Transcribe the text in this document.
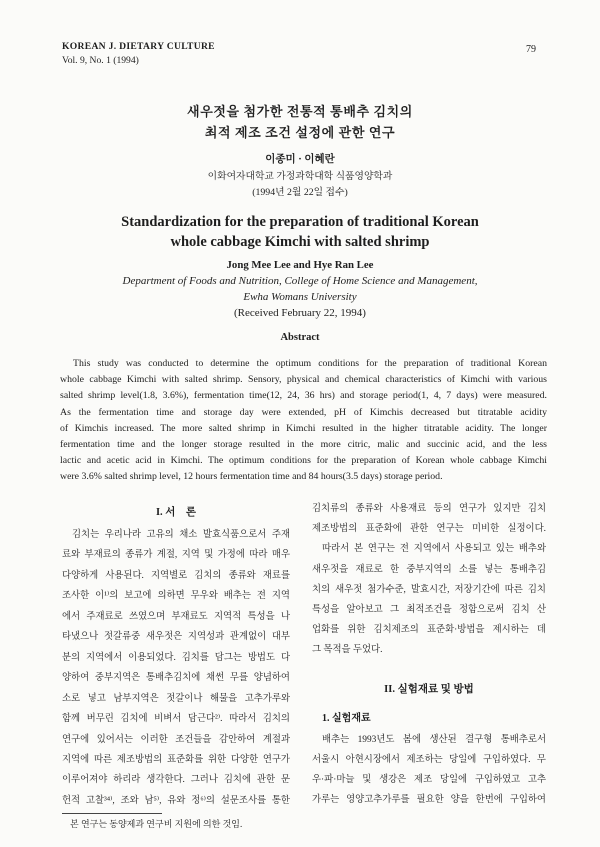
KOREAN J. DIETARY CULTURE
Vol. 9, No. 1 (1994)
79
새우젓을 첨가한 전통적 통배추 김치의
최적 제조 조건 설정에 관한 연구
이종미 · 이혜란
이화여자대학교 가정과학대학 식품영양학과
(1994년 2월 22일 접수)
Standardization for the preparation of traditional Korean
whole cabbage Kimchi with salted shrimp
Jong Mee Lee and Hye Ran Lee
Department of Foods and Nutrition, College of Home Science and Management,
Ewha Womans University
(Received February 22, 1994)
Abstract
This study was conducted to determine the optimum conditions for the preparation of traditional Korean
whole cabbage Kimchi with salted shrimp. Sensory, physical and chemical characteristics of Kimchi with various
salted shrimp level(1.8, 3.6%), fermentation time(12, 24, 36 hrs) and storage period(1, 4, 7 days) were measured.
As the fermentation time and storage day were extended, pH of Kimchis decreased but titratable acidity
of Kimchis increased. The more salted shrimp in Kimchi resulted in the higher titratable acidity. The longer
fermentation time and the longer storage resulted in the more citric, malic and succinic acid, and the less
lactic and acetic acid in Kimchi. The optimum conditions for the preparation of Korean whole cabbage Kimchi
were 3.6% salted shrimp level, 12 hours fermentation time and 84 hours(3.5 days) storage period.
I. 서    론
김치는 우리나라 고유의 채소 발효식품으로서 주재
료와 부재료의 종류가 계절, 지역 및 가정에 따라 매우
다양하게 사용된다. 지역별로 김치의 종류와 재료를
조사한 이¹⁾의 보고에 의하면 무우와 배추는 전 지역
에서 주재료로 쓰였으며 부재료도 지역적 특성을 나
타냈으나 젓갈류중 새우젓은 지역성과 관계없이 대부
분의 지역에서 이용되었다. 김치를 담그는 방법도 다
양하여 중부지역은 통배추김치에 채썬 무를 양념하여
소로 넣고 남부지역은 젓갈이나 해물을 고추가루와
함께 버무린 김치에 비벼서 담근다²⁾. 따라서 김치의
연구에 있어서는 이러한 조건들을 감안하여 계절과
지역에 따른 제조방법의 표준화를 위한 다양한 연구가
이루어져야 하리라 생각한다. 그러나 김치에 관한 문
헌적 고찰³⁴⁾, 조와 남⁵⁾, 유와 정⁶⁾의 설문조사를 통한
김치류의 종류와 사용재료 등의 연구가 있지만 김치
제조방법의 표준화에 관한 연구는 미비한 실정이다.
따라서 본 연구는 전 지역에서 사용되고 있는 배추와
새우젓을 재료로 한 중부지역의 소를 넣는 통배추김
치의 새우젓 첨가수준, 발효시간, 저장기간에 따른 김치
특성을 알아보고 그 최적조건을 정함으로써 김치 산
업화를 위한 김치제조의 표준화·방법을 제시하는 데
그 목적을 두었다.
II. 실험재료 및 방법
1. 실험재료
배추는 1993년도 봄에 생산된 결구형 통배추로서
서울시 아현시장에서 제조하는 당일에 구입하였다. 무
우·파·마늘 및 생강은 제조 당일에 구입하였고 고추
가루는 영양고추가루를 필요한 양을 한번에 구입하여
본 연구는 동양제과 연구비 지원에 의한 것임.
